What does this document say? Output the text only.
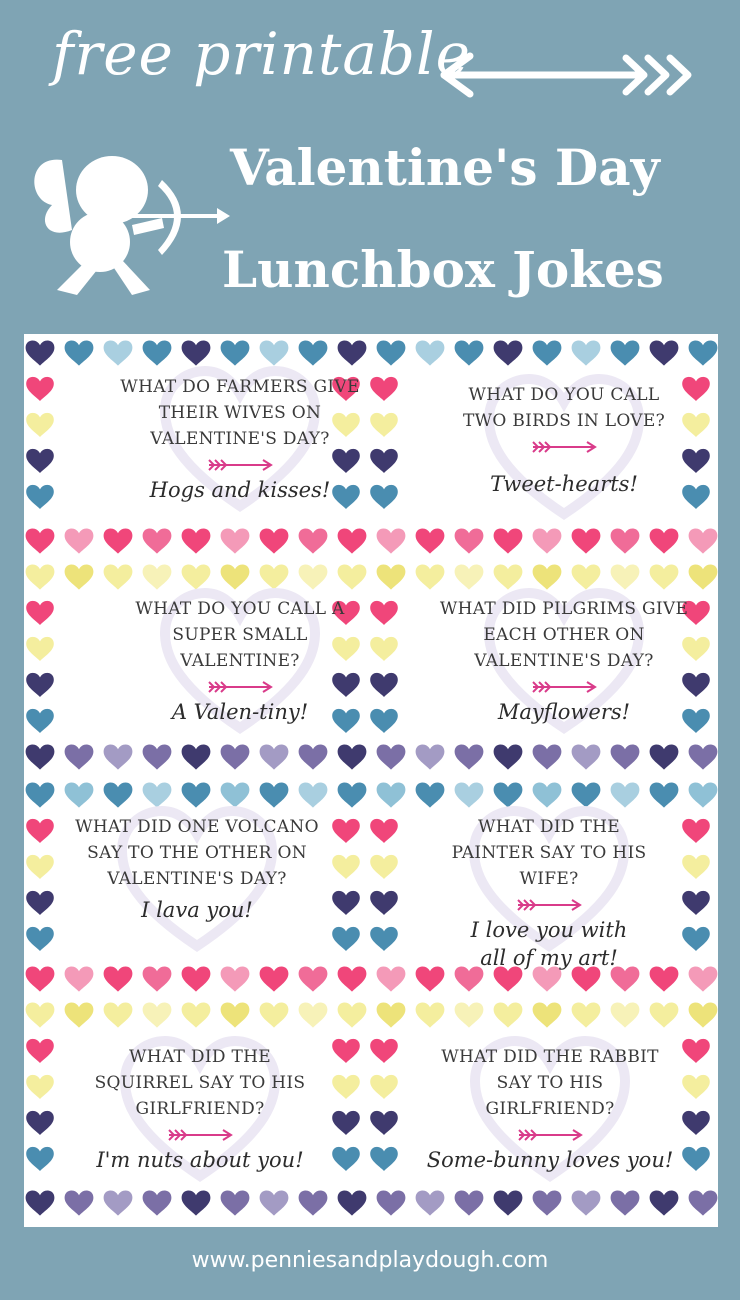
free printable
Valentine's Day
Lunchbox Jokes
WHAT DO FARMERS GIVE THEIR WIVES ON VALENTINE'S DAY?
Hogs and kisses!
WHAT DO YOU CALL TWO BIRDS IN LOVE?
Tweet-hearts!
WHAT DO YOU CALL A SUPER SMALL VALENTINE?
A Valen-tiny!
WHAT DID PILGRIMS GIVE EACH OTHER ON VALENTINE'S DAY?
Mayflowers!
WHAT DID ONE VOLCANO SAY TO THE OTHER ON VALENTINE'S DAY?
I lava you!
WHAT DID THE PAINTER SAY TO HIS WIFE?
I love you with all of my art!
WHAT DID THE SQUIRREL SAY TO HIS GIRLFRIEND?
I'm nuts about you!
WHAT DID THE RABBIT SAY TO HIS GIRLFRIEND?
Some-bunny loves you!
www.penniesandplaydough.com
